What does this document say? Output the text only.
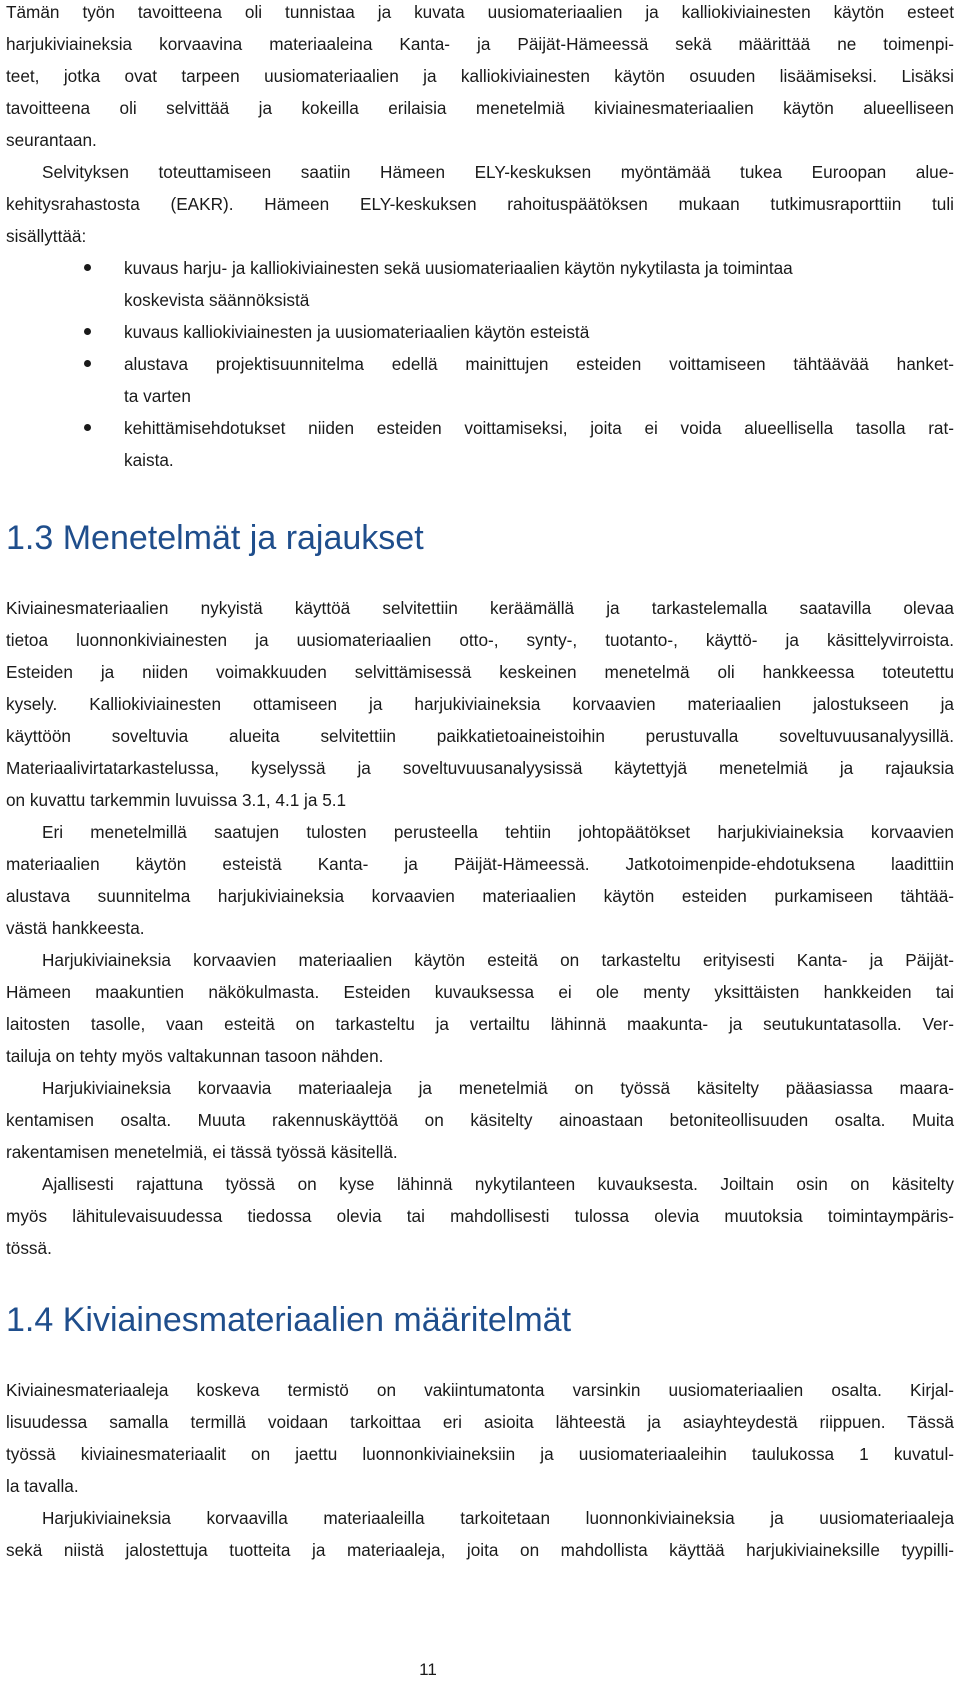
Tämän työn tavoitteena oli tunnistaa ja kuvata uusiomateriaalien ja kalliokiviainesten käytön esteet
harjukiviaineksia korvaavina materiaaleina Kanta- ja Päijät-Hämeessä sekä määrittää ne toimenpi-
teet, jotka ovat tarpeen uusiomateriaalien ja kalliokiviainesten käytön osuuden lisäämiseksi. Lisäksi
tavoitteena oli selvittää ja kokeilla erilaisia menetelmiä kiviainesmateriaalien käytön alueelliseen
seurantaan.
Selvityksen toteuttamiseen saatiin Hämeen ELY-keskuksen myöntämää tukea Euroopan alue-
kehitysrahastosta (EAKR). Hämeen ELY-keskuksen rahoituspäätöksen mukaan tutkimusraporttiin tuli
sisällyttää:
kuvaus harju- ja kalliokiviainesten sekä uusiomateriaalien käytön nykytilasta ja toimintaa
koskevista säännöksistä
kuvaus kalliokiviainesten ja uusiomateriaalien käytön esteistä
alustava projektisuunnitelma edellä mainittujen esteiden voittamiseen tähtäävää hanket-
ta varten
kehittämisehdotukset niiden esteiden voittamiseksi, joita ei voida alueellisella tasolla rat-
kaista.
1.3 Menetelmät ja rajaukset
Kiviainesmateriaalien nykyistä käyttöä selvitettiin keräämällä ja tarkastelemalla saatavilla olevaa
tietoa luonnonkiviainesten ja uusiomateriaalien otto-, synty-, tuotanto-, käyttö- ja käsittelyvirroista.
Esteiden ja niiden voimakkuuden selvittämisessä keskeinen menetelmä oli hankkeessa toteutettu
kysely. Kalliokiviainesten ottamiseen ja harjukiviaineksia korvaavien materiaalien jalostukseen ja
käyttöön soveltuvia alueita selvitettiin paikkatietoaineistoihin perustuvalla soveltuvuusanalyysillä.
Materiaalivirtatarkastelussa, kyselyssä ja soveltuvuusanalyysissä käytettyjä menetelmiä ja rajauksia
on kuvattu tarkemmin luvuissa 3.1, 4.1 ja 5.1
Eri menetelmillä saatujen tulosten perusteella tehtiin johtopäätökset harjukiviaineksia korvaavien
materiaalien käytön esteistä Kanta- ja Päijät-Hämeessä. Jatkotoimenpide-ehdotuksena laadittiin
alustava suunnitelma harjukiviaineksia korvaavien materiaalien käytön esteiden purkamiseen tähtää-
västä hankkeesta.
Harjukiviaineksia korvaavien materiaalien käytön esteitä on tarkasteltu erityisesti Kanta- ja Päijät-
Hämeen maakuntien näkökulmasta. Esteiden kuvauksessa ei ole menty yksittäisten hankkeiden tai
laitosten tasolle, vaan esteitä on tarkasteltu ja vertailtu lähinnä maakunta- ja seutukuntatasolla. Ver-
tailuja on tehty myös valtakunnan tasoon nähden.
Harjukiviaineksia korvaavia materiaaleja ja menetelmiä on työssä käsitelty pääasiassa maara-
kentamisen osalta. Muuta rakennuskäyttöä on käsitelty ainoastaan betoniteollisuuden osalta. Muita
rakentamisen menetelmiä, ei tässä työssä käsitellä.
Ajallisesti rajattuna työssä on kyse lähinnä nykytilanteen kuvauksesta. Joiltain osin on käsitelty
myös lähitulevaisuudessa tiedossa olevia tai mahdollisesti tulossa olevia muutoksia toimintaympäris-
tössä.
1.4 Kiviainesmateriaalien määritelmät
Kiviainesmateriaaleja koskeva termistö on vakiintumatonta varsinkin uusiomateriaalien osalta. Kirjal-
lisuudessa samalla termillä voidaan tarkoittaa eri asioita lähteestä ja asiayhteydestä riippuen. Tässä
työssä kiviainesmateriaalit on jaettu luonnonkiviaineksiin ja uusiomateriaaleihin taulukossa 1 kuvatul-
la tavalla.
Harjukiviaineksia korvaavilla materiaaleilla tarkoitetaan luonnonkiviaineksia ja uusiomateriaaleja
sekä niistä jalostettuja tuotteita ja materiaaleja, joita on mahdollista käyttää harjukiviaineksille tyypilli-
11
